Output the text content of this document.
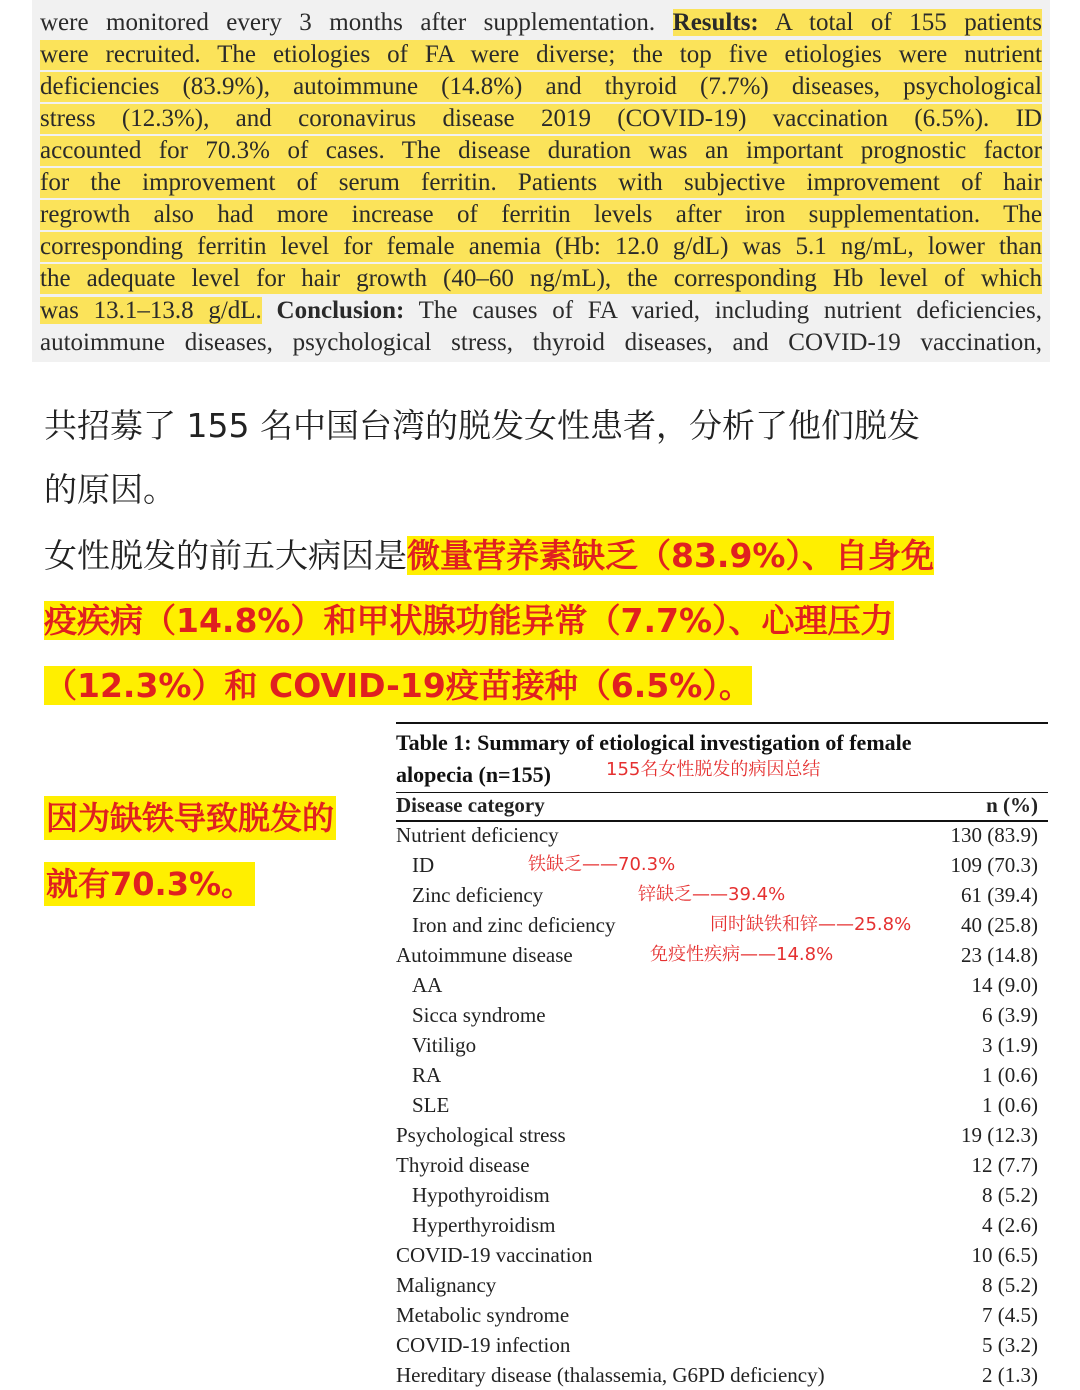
were monitored every 3 months after supplementation. Results: A total of 155 patients
were recruited. The etiologies of FA were diverse; the top five etiologies were nutrient
deficiencies (83.9%), autoimmune (14.8%) and thyroid (7.7%) diseases, psychological
stress (12.3%), and coronavirus disease 2019 (COVID-19) vaccination (6.5%). ID
accounted for 70.3% of cases. The disease duration was an important prognostic factor
for the improvement of serum ferritin. Patients with subjective improvement of hair
regrowth also had more increase of ferritin levels after iron supplementation. The
corresponding ferritin level for female anemia (Hb: 12.0 g/dL) was 5.1 ng/mL, lower than
the adequate level for hair growth (40–60 ng/mL), the corresponding Hb level of which
was 13.1–13.8 g/dL. Conclusion: The causes of FA varied, including nutrient deficiencies,
autoimmune diseases, psychological stress, thyroid diseases, and COVID-19 vaccination,
共招募了 155 名中国台湾的脱发女性患者，分析了他们脱发
的原因。
女性脱发的前五大病因是微量营养素缺乏（83.9%）、自身免
疫疾病（14.8%）和甲状腺功能异常（7.7%）、心理压力
（12.3%）和 COVID-19疫苗接种（6.5%）。
因为缺铁导致脱发的
就有70.3%。
Table 1: Summary of etiological investigation of female
alopecia (n=155)	155名女性脱发的病因总结
Disease category	n (%)
Nutrient deficiency	130 (83.9)
ID	铁缺乏——70.3%	109 (70.3)
Zinc deficiency	锌缺乏——39.4%	61 (39.4)
Iron and zinc deficiency	同时缺铁和锌——25.8% 40 (25.8)
Autoimmune disease	免疫性疾病——14.8%	23 (14.8)
AA	14 (9.0)
Sicca syndrome	6 (3.9)
Vitiligo	3 (1.9)
RA	1 (0.6)
SLE	1 (0.6)
Psychological stress	19 (12.3)
Thyroid disease	12 (7.7)
Hypothyroidism	8 (5.2)
Hyperthyroidism	4 (2.6)
COVID-19 vaccination	10 (6.5)
Malignancy	8 (5.2)
Metabolic syndrome	7 (4.5)
COVID-19 infection	5 (3.2)
Hereditary disease (thalassemia, G6PD deficiency)	2 (1.3)
